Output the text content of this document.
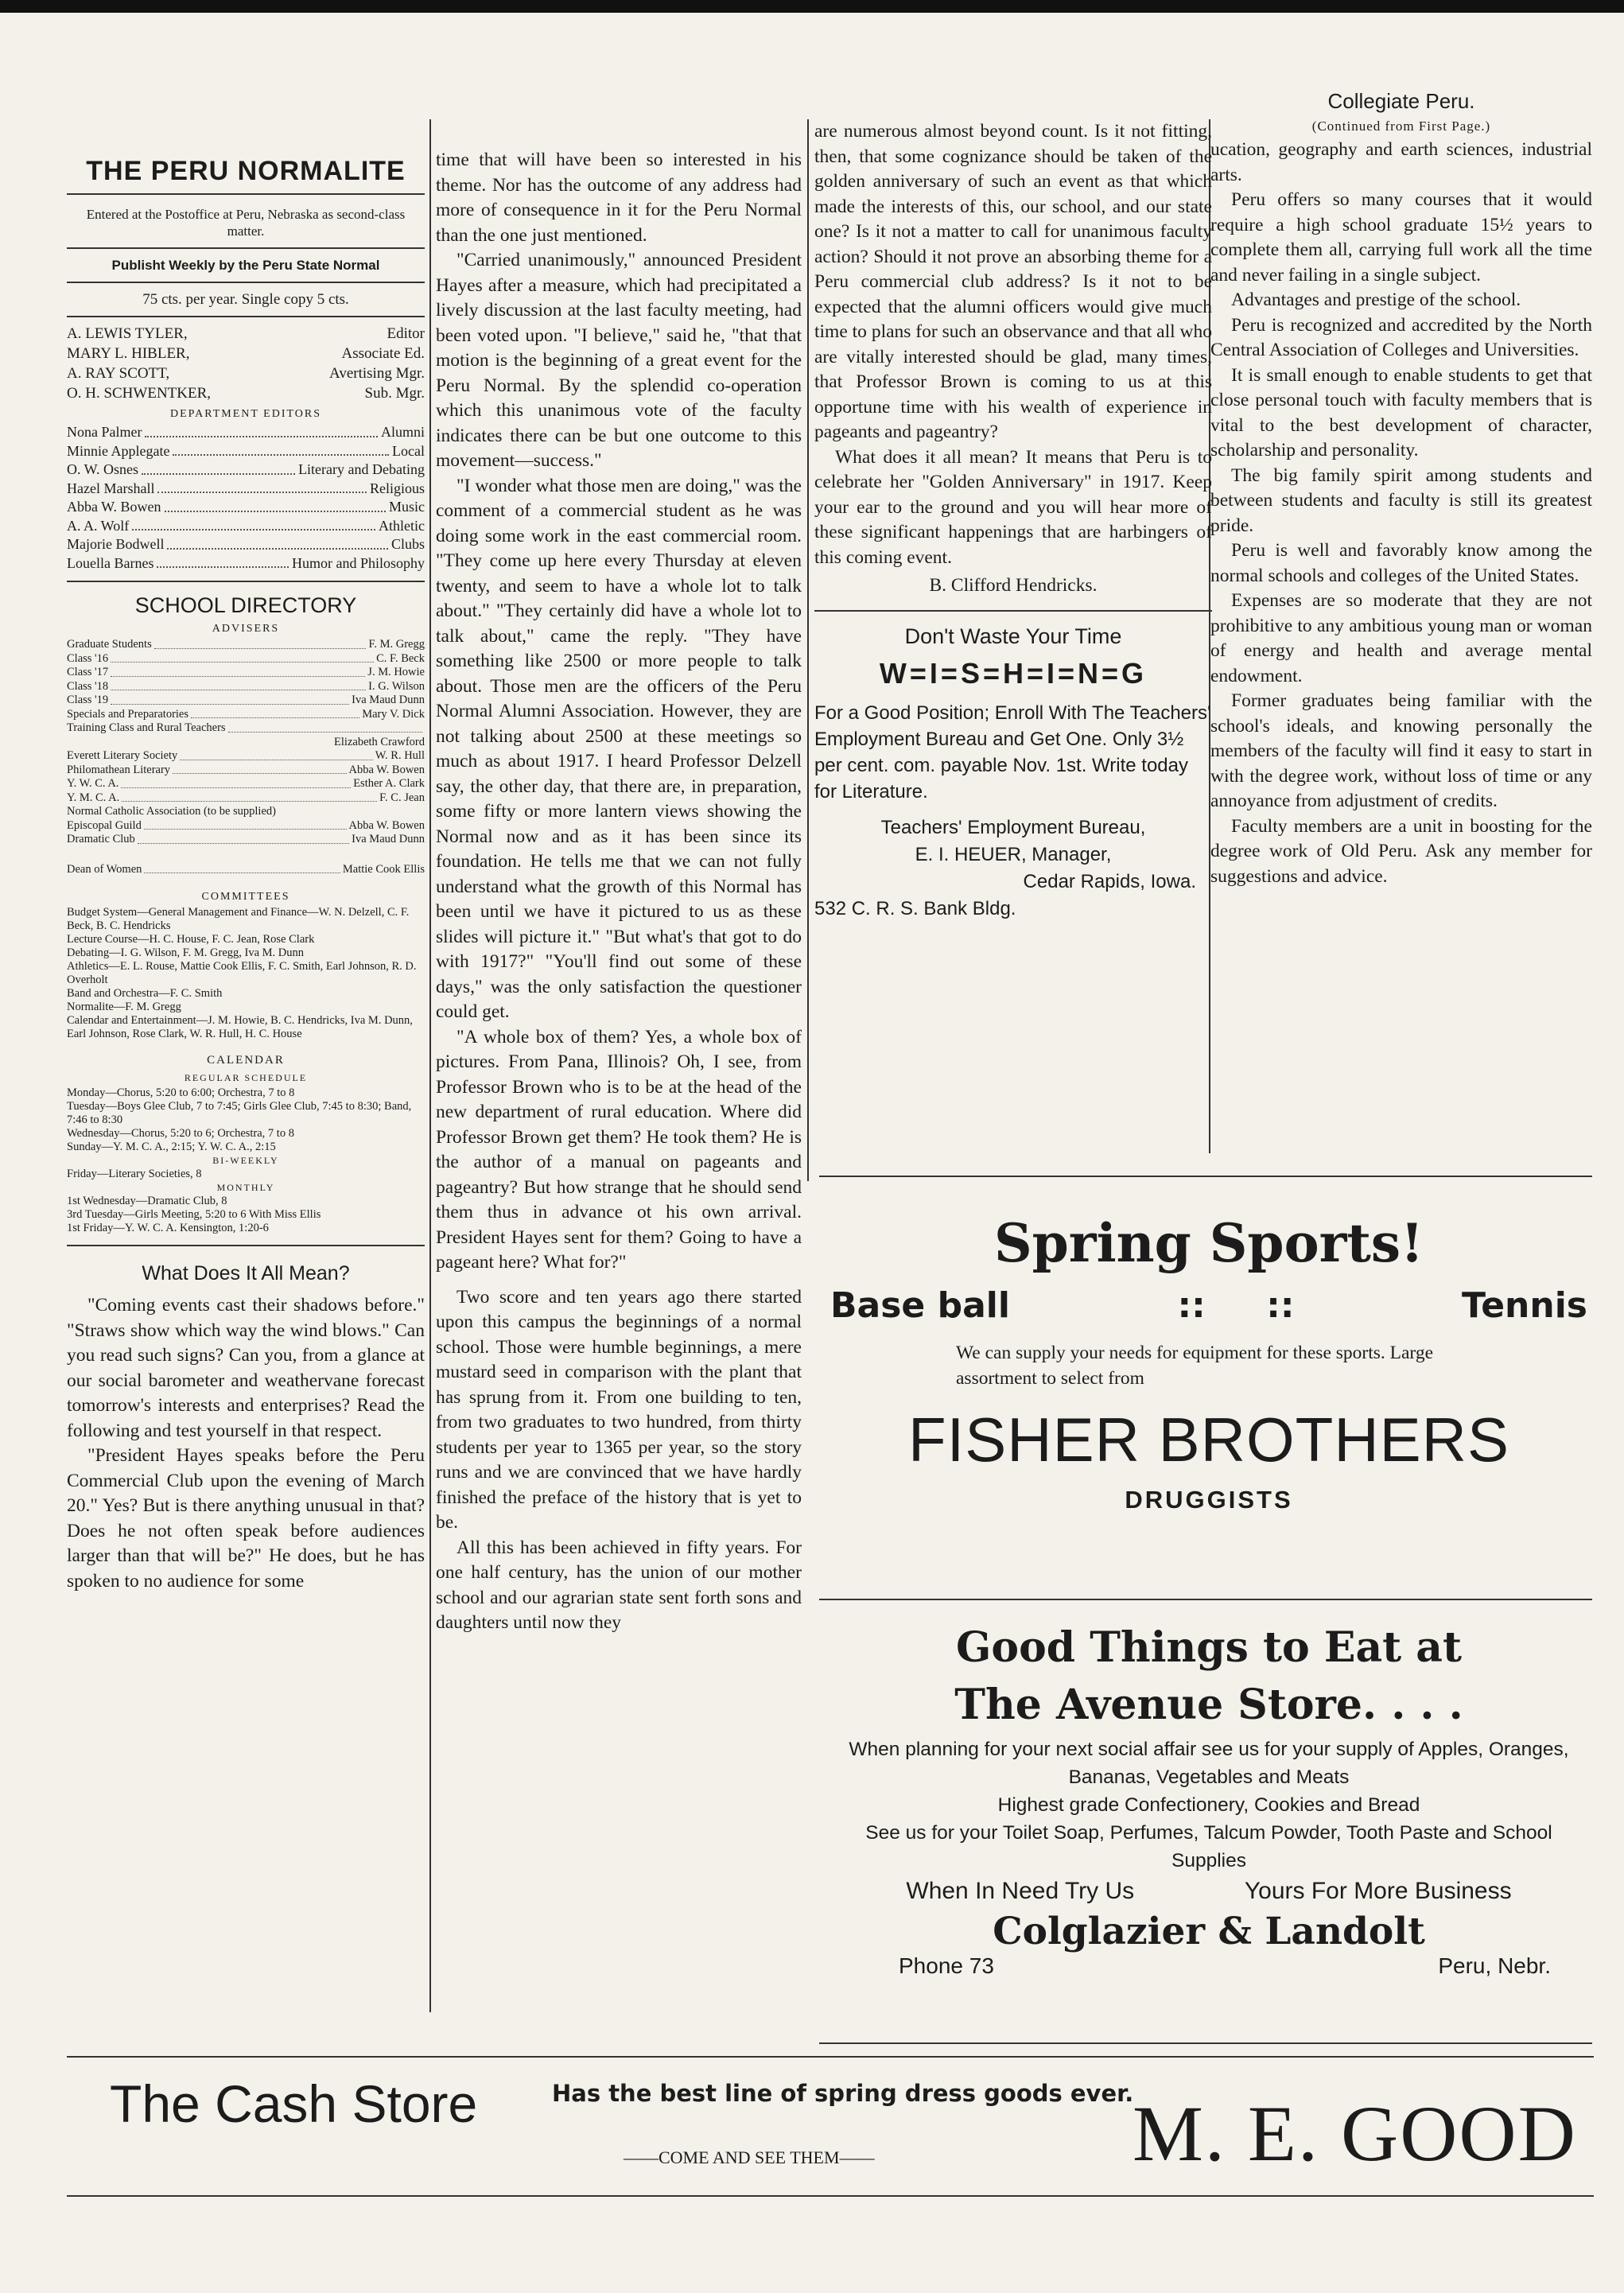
THE PERU NORMALITE

Entered at the Postoffice at Peru, Nebraska as second-class matter.

Publisht Weekly by the Peru State Normal

75 cts. per year. Single copy 5 cts.

A. LEWIS TYLER,	Editor
MARY L. HIBLER,	Associate Ed.
A. RAY SCOTT,	Avertising Mgr.
O. H. SCHWENTKER,	Sub. Mgr.
DEPARTMENT EDITORS
Nona Palmer	Alumni
Minnie Applegate	Local
O. W. Osnes	Literary and Debating
Hazel Marshall	Religious
Abba W. Bowen	Music
A. A. Wolf	Athletic
Majorie Bodwell	Clubs
Louella Barnes	Humor and Philosophy
SCHOOL DIRECTORY
ADVISERS
Graduate Students	F. M. Gregg
Class '16	C. F. Beck
Class '17	J. M. Howie
Class '18	I. G. Wilson
Class '19	Iva Maud Dunn
Specials and Preparatories	Mary V. Dick
Training Class and Rural Teachers
Elizabeth Crawford
Everett Literary Society	W. R. Hull
Philomathean Literary	Abba W. Bowen
Y. W. C. A.	Esther A. Clark
Y. M. C. A.	F. C. Jean
Normal Catholic Association
(to be supplied)
Episcopal Guild	Abba W. Bowen
Dramatic Club	Iva Maud Dunn
Dean of Women	Mattie Cook Ellis
COMMITTEES

Budget System—General Management and Finance—W. N. Delzell, C. F. Beck, B. C. Hendricks

Lecture Course—H. C. House, F. C. Jean, Rose Clark

Debating—I. G. Wilson, F. M. Gregg, Iva M. Dunn

Athletics—E. L. Rouse, Mattie Cook Ellis, F. C. Smith, Earl Johnson, R. D. Overholt

Band and Orchestra—F. C. Smith

Normalite—F. M. Gregg

Calendar and Entertainment—J. M. Howie, B. C. Hendricks, Iva M. Dunn, Earl Johnson, Rose Clark, W. R. Hull, H. C. House

CALENDAR
REGULAR SCHEDULE

Monday—Chorus, 5:20 to 6:00; Orchestra, 7 to 8

Tuesday—Boys Glee Club, 7 to 7:45; Girls Glee Club, 7:45 to 8:30; Band, 7:46 to 8:30

Wednesday—Chorus, 5:20 to 6; Orchestra, 7 to 8

Sunday—Y. M. C. A., 2:15; Y. W. C. A., 2:15

BI-WEEKLY

Friday—Literary Societies, 8

MONTHLY

1st Wednesday—Dramatic Club, 8

3rd Tuesday—Girls Meeting, 5:20 to 6 With Miss Ellis

1st Friday—Y. W. C. A. Kensington, 1:20-6

What Does It All Mean?

"Coming events cast their shadows before." "Straws show which way the wind blows." Can you read such signs? Can you, from a glance at our social barometer and weathervane forecast tomorrow's interests and enterprises? Read the following and test yourself in that respect.

"President Hayes speaks before the Peru Commercial Club upon the evening of March 20." Yes? But is there anything unusual in that? Does he not often speak before audiences larger than that will be?" He does, but he has spoken to no audience for some

time that will have been so interested in his theme. Nor has the outcome of any address had more of consequence in it for the Peru Normal than the one just mentioned.

"Carried unanimously," announced President Hayes after a measure, which had precipitated a lively discussion at the last faculty meeting, had been voted upon. "I believe," said he, "that that motion is the beginning of a great event for the Peru Normal. By the splendid co-operation which this unanimous vote of the faculty indicates there can be but one outcome to this movement—success."

"I wonder what those men are doing," was the comment of a commercial student as he was doing some work in the east commercial room. "They come up here every Thursday at eleven twenty, and seem to have a whole lot to talk about." "They certainly did have a whole lot to talk about," came the reply. "They have something like 2500 or more people to talk about. Those men are the officers of the Peru Normal Alumni Association. However, they are not talking about 2500 at these meetings so much as about 1917. I heard Professor Delzell say, the other day, that there are, in preparation, some fifty or more lantern views showing the Normal now and as it has been since its foundation. He tells me that we can not fully understand what the growth of this Normal has been until we have it pictured to us as these slides will picture it." "But what's that got to do with 1917?" "You'll find out some of these days," was the only satisfaction the questioner could get.

"A whole box of them? Yes, a whole box of pictures. From Pana, Illinois? Oh, I see, from Professor Brown who is to be at the head of the new department of rural education. Where did Professor Brown get them? He took them? He is the author of a manual on pageants and pageantry? But how strange that he should send them thus in advance ot his own arrival. President Hayes sent for them? Going to have a pageant here? What for?"

Two score and ten years ago there started upon this campus the beginnings of a normal school. Those were humble beginnings, a mere mustard seed in comparison with the plant that has sprung from it. From one building to ten, from two graduates to two hundred, from thirty students per year to 1365 per year, so the story runs and we are convinced that we have hardly finished the preface of the history that is yet to be.

All this has been achieved in fifty years. For one half century, has the union of our mother school and our agrarian state sent forth sons and daughters until now they

are numerous almost beyond count. Is it not fitting, then, that some cognizance should be taken of the golden anniversary of such an event as that which made the interests of this, our school, and our state one? Is it not a matter to call for unanimous faculty action? Should it not prove an absorbing theme for a Peru commercial club address? Is it not to be expected that the alumni officers would give much time to plans for such an observance and that all who are vitally interested should be glad, many times, that Professor Brown is coming to us at this opportune time with his wealth of experience in pageants and pageantry?

What does it all mean? It means that Peru is to celebrate her "Golden Anniversary" in 1917. Keep your ear to the ground and you will hear more of these significant happenings that are harbingers of this coming event.

B. Clifford Hendricks.

Don't Waste Your Time
W=I=S=H=I=N=G

For a Good Position; Enroll With The Teachers' Employment Bureau and Get One. Only 3½ per cent. com. payable Nov. 1st. Write today for Literature.

Teachers' Employment Bureau,
E. I. HEUER, Manager,
Cedar Rapids, Iowa.
532 C. R. S. Bank Bldg.
Collegiate Peru.
(Continued from First Page.)

ucation, geography and earth sciences, industrial arts.

Peru offers so many courses that it would require a high school graduate 15½ years to complete them all, carrying full work all the time and never failing in a single subject.

Advantages and prestige of the school.

Peru is recognized and accredited by the North Central Association of Colleges and Universities.

It is small enough to enable students to get that close personal touch with faculty members that is vital to the best development of character, scholarship and personality.

The big family spirit among students and between students and faculty is still its greatest pride.

Peru is well and favorably know among the normal schools and colleges of the United States.

Expenses are so moderate that they are not prohibitive to any ambitious young man or woman of energy and health and average mental endowment.

Former graduates being familiar with the school's ideals, and knowing personally the members of the faculty will find it easy to start in with the degree work, without loss of time or any annoyance from adjustment of credits.

Faculty members are a unit in boosting for the degree work of Old Peru. Ask any member for suggestions and advice.

Spring Sports!
Base ball	::     ::	Tennis

We can supply your needs for equipment for these sports. Large assortment to select from

FISHER BROTHERS
DRUGGISTS
Good Things to Eat at
The Avenue Store. . . .

When planning for your next social affair see us for your supply of Apples, Oranges, Bananas, Vegetables and Meats

Highest grade Confectionery, Cookies and Bread

See us for your Toilet Soap, Perfumes, Talcum Powder, Tooth Paste and School Supplies

When In Need Try Us	Yours For More Business
Colglazier & Landolt
Phone 73	Peru, Nebr.
The Cash Store	Has the best line of spring dress goods ever.
——COME AND SEE THEM——	M. E. GOOD
